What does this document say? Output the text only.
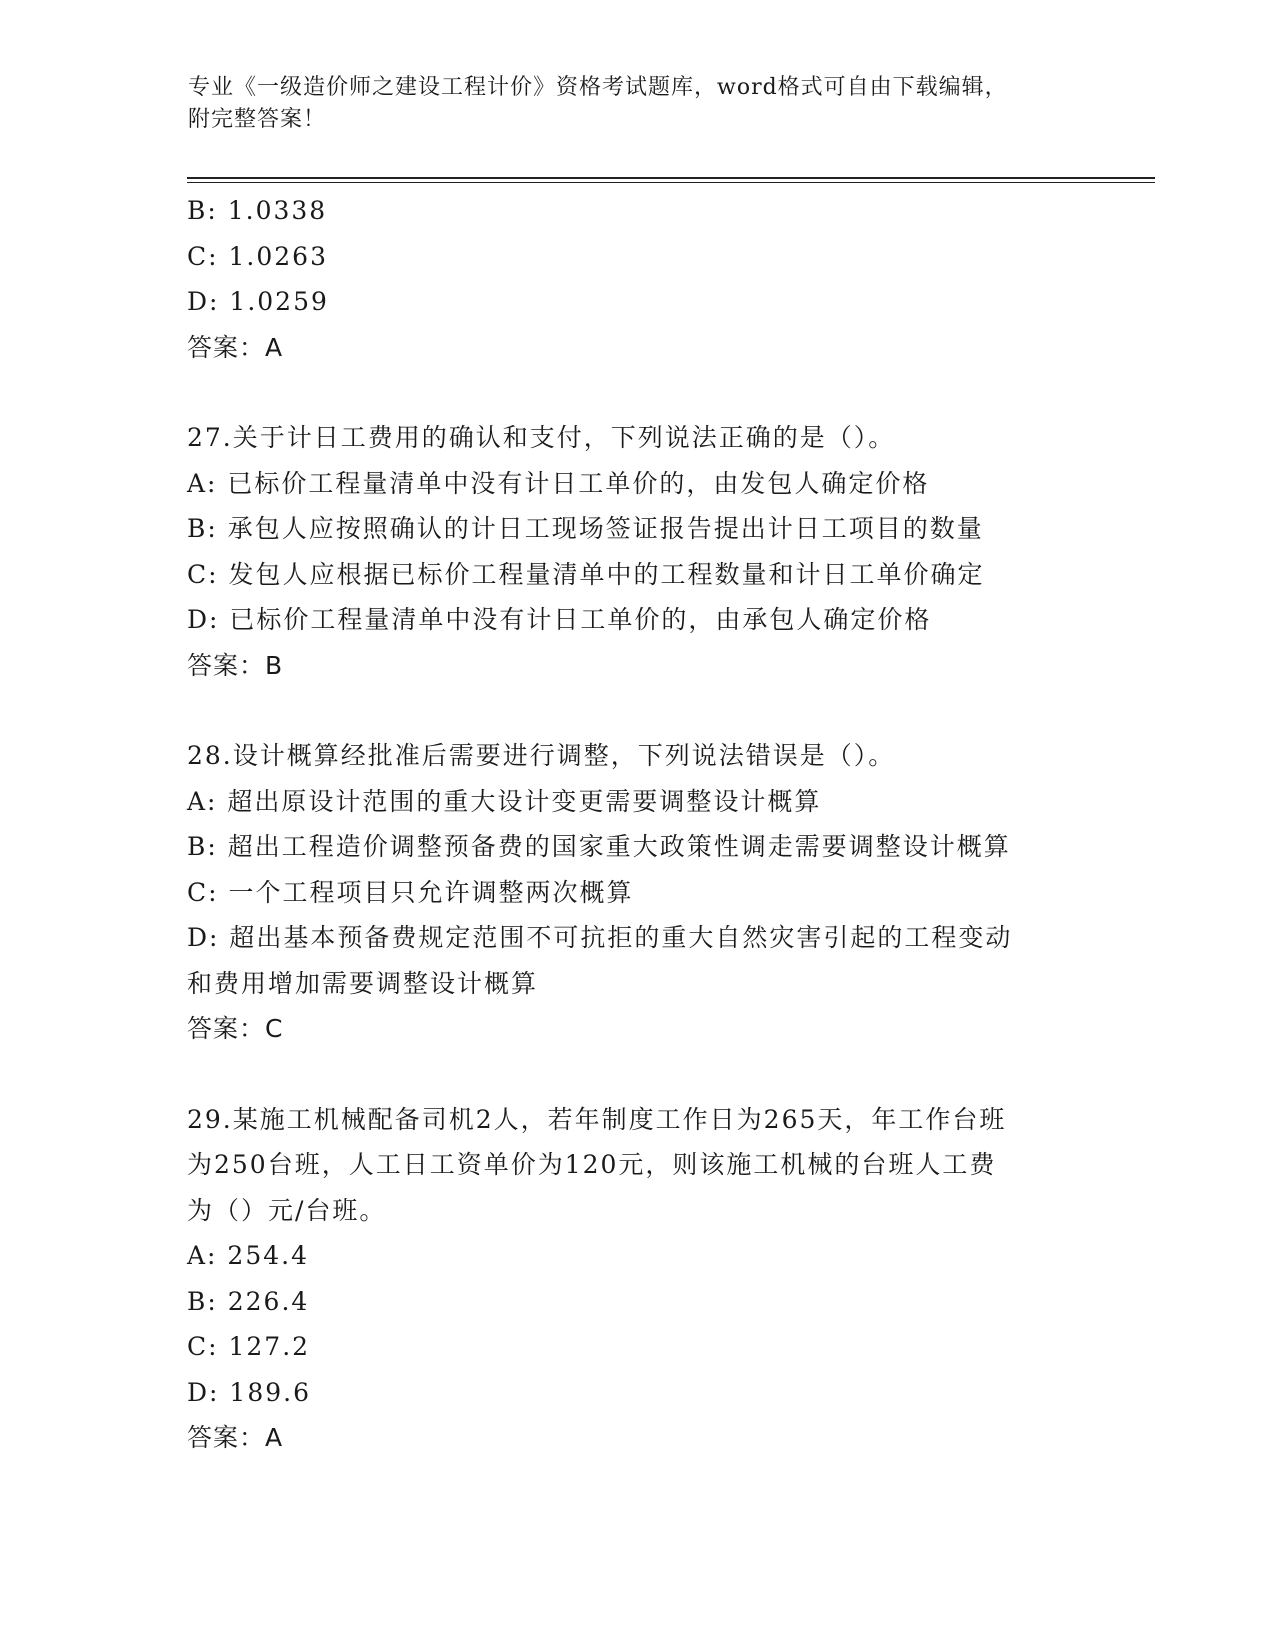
专业《一级造价师之建设工程计价》资格考试题库，word格式可自由下载编辑，
附完整答案！
B: 1.0338
C: 1.0263
D: 1.0259
答案：A
27.关于计日工费用的确认和支付，下列说法正确的是（）。
A: 已标价工程量清单中没有计日工单价的，由发包人确定价格
B: 承包人应按照确认的计日工现场签证报告提出计日工项目的数量
C: 发包人应根据已标价工程量清单中的工程数量和计日工单价确定
D: 已标价工程量清单中没有计日工单价的，由承包人确定价格
答案：B
28.设计概算经批准后需要进行调整，下列说法错误是（）。
A: 超出原设计范围的重大设计变更需要调整设计概算
B: 超出工程造价调整预备费的国家重大政策性调走需要调整设计概算
C: 一个工程项目只允许调整两次概算
D: 超出基本预备费规定范围不可抗拒的重大自然灾害引起的工程变动
和费用增加需要调整设计概算
答案：C
29.某施工机械配备司机2人，若年制度工作日为265天，年工作台班
为250台班，人工日工资单价为120元，则该施工机械的台班人工费
为（）元/台班。
A: 254.4
B: 226.4
C: 127.2
D: 189.6
答案：A
